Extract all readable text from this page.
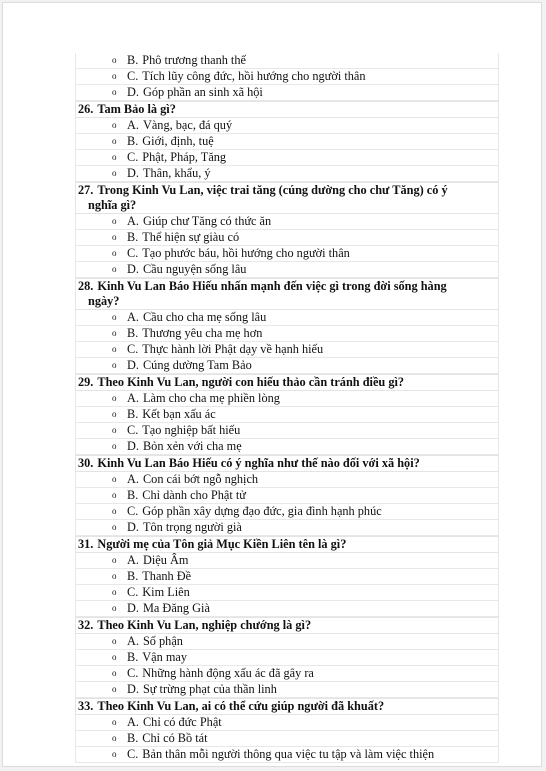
o B. Phô trương thanh thế
o C. Tích lũy công đức, hồi hướng cho người thân
o D. Góp phần an sinh xã hội
26. Tam Bảo là gì?
o A. Vàng, bạc, đá quý
o B. Giới, định, tuệ
o C. Phật, Pháp, Tăng
o D. Thân, khẩu, ý
27. Trong Kinh Vu Lan, việc trai tăng (cúng dường cho chư Tăng) có ý
nghĩa gì?
o A. Giúp chư Tăng có thức ăn
o B. Thể hiện sự giàu có
o C. Tạo phước báu, hồi hướng cho người thân
o D. Cầu nguyện sống lâu
28. Kinh Vu Lan Báo Hiếu nhấn mạnh đến việc gì trong đời sống hàng
ngày?
o A. Cầu cho cha mẹ sống lâu
o B. Thương yêu cha mẹ hơn
o C. Thực hành lời Phật dạy về hạnh hiếu
o D. Cúng dường Tam Bảo
29. Theo Kinh Vu Lan, người con hiếu thảo cần tránh điều gì?
o A. Làm cho cha mẹ phiền lòng
o B. Kết bạn xấu ác
o C. Tạo nghiệp bất hiếu
o D. Bỏn xẻn với cha mẹ
30. Kinh Vu Lan Báo Hiếu có ý nghĩa như thế nào đối với xã hội?
o A. Con cái bớt ngỗ nghịch
o B. Chỉ dành cho Phật tử
o C. Góp phần xây dựng đạo đức, gia đình hạnh phúc
o D. Tôn trọng người già
31. Người mẹ của Tôn giả Mục Kiền Liên tên là gì?
o A. Diệu Âm
o B. Thanh Đề
o C. Kim Liên
o D. Ma Đăng Già
32. Theo Kinh Vu Lan, nghiệp chướng là gì?
o A. Số phận
o B. Vận may
o C. Những hành động xấu ác đã gây ra
o D. Sự trừng phạt của thần linh
33. Theo Kinh Vu Lan, ai có thể cứu giúp người đã khuất?
o A. Chỉ có đức Phật
o B. Chỉ có Bồ tát
o C. Bản thân mỗi người thông qua việc tu tập và làm việc thiện
